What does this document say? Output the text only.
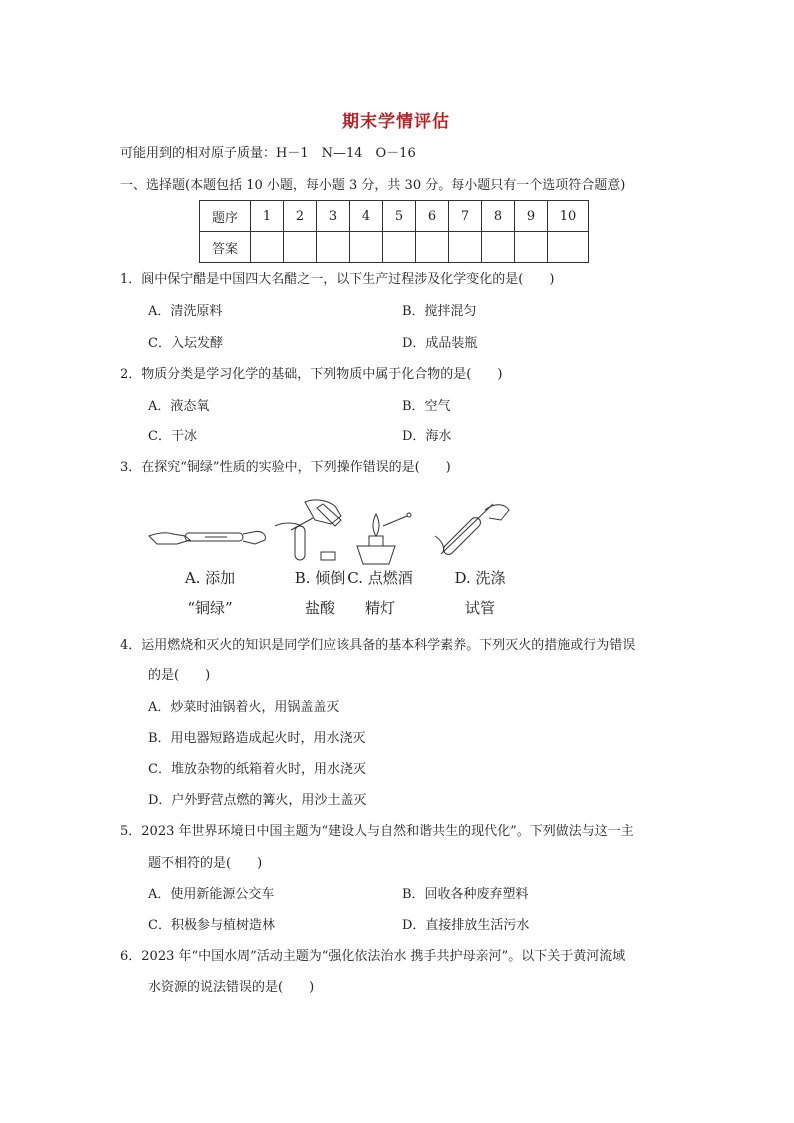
期末学情评估
可能用到的相对原子质量：H－1　N—14　O－16
一、选择题(本题包括 10 小题，每小题 3 分，共 30 分。每小题只有一个选项符合题意)
题序	1	2	3	4	5	6	7	8	9	10
答案										
1．阆中保宁醋是中国四大名醋之一，以下生产过程涉及化学变化的是(　　)
A．清洗原料	B．搅拌混匀
C．入坛发酵	D．成品装瓶
2．物质分类是学习化学的基础，下列物质中属于化合物的是(　　)
A．液态氧	B．空气
C．干冰	D．海水
3．在探究“铜绿”性质的实验中，下列操作错误的是(　　)
A. 添加
“铜绿”
B. 倾倒
盐酸
C. 点燃酒
精灯
D. 洗涤
试管
4．运用燃烧和灭火的知识是同学们应该具备的基本科学素养。下列灭火的措施或行为错误
的是(　　)
A．炒菜时油锅着火，用锅盖盖灭
B．用电器短路造成起火时，用水浇灭
C．堆放杂物的纸箱着火时，用水浇灭
D．户外野营点燃的篝火，用沙土盖灭
5．2023 年世界环境日中国主题为“建设人与自然和谐共生的现代化”。下列做法与这一主
题不相符的是(　　)
A．使用新能源公交车	B．回收各种废弃塑料
C．积极参与植树造林	D．直接排放生活污水
6．2023 年“中国水周”活动主题为“强化依法治水 携手共护母亲河”。以下关于黄河流域
水资源的说法错误的是(　　)
